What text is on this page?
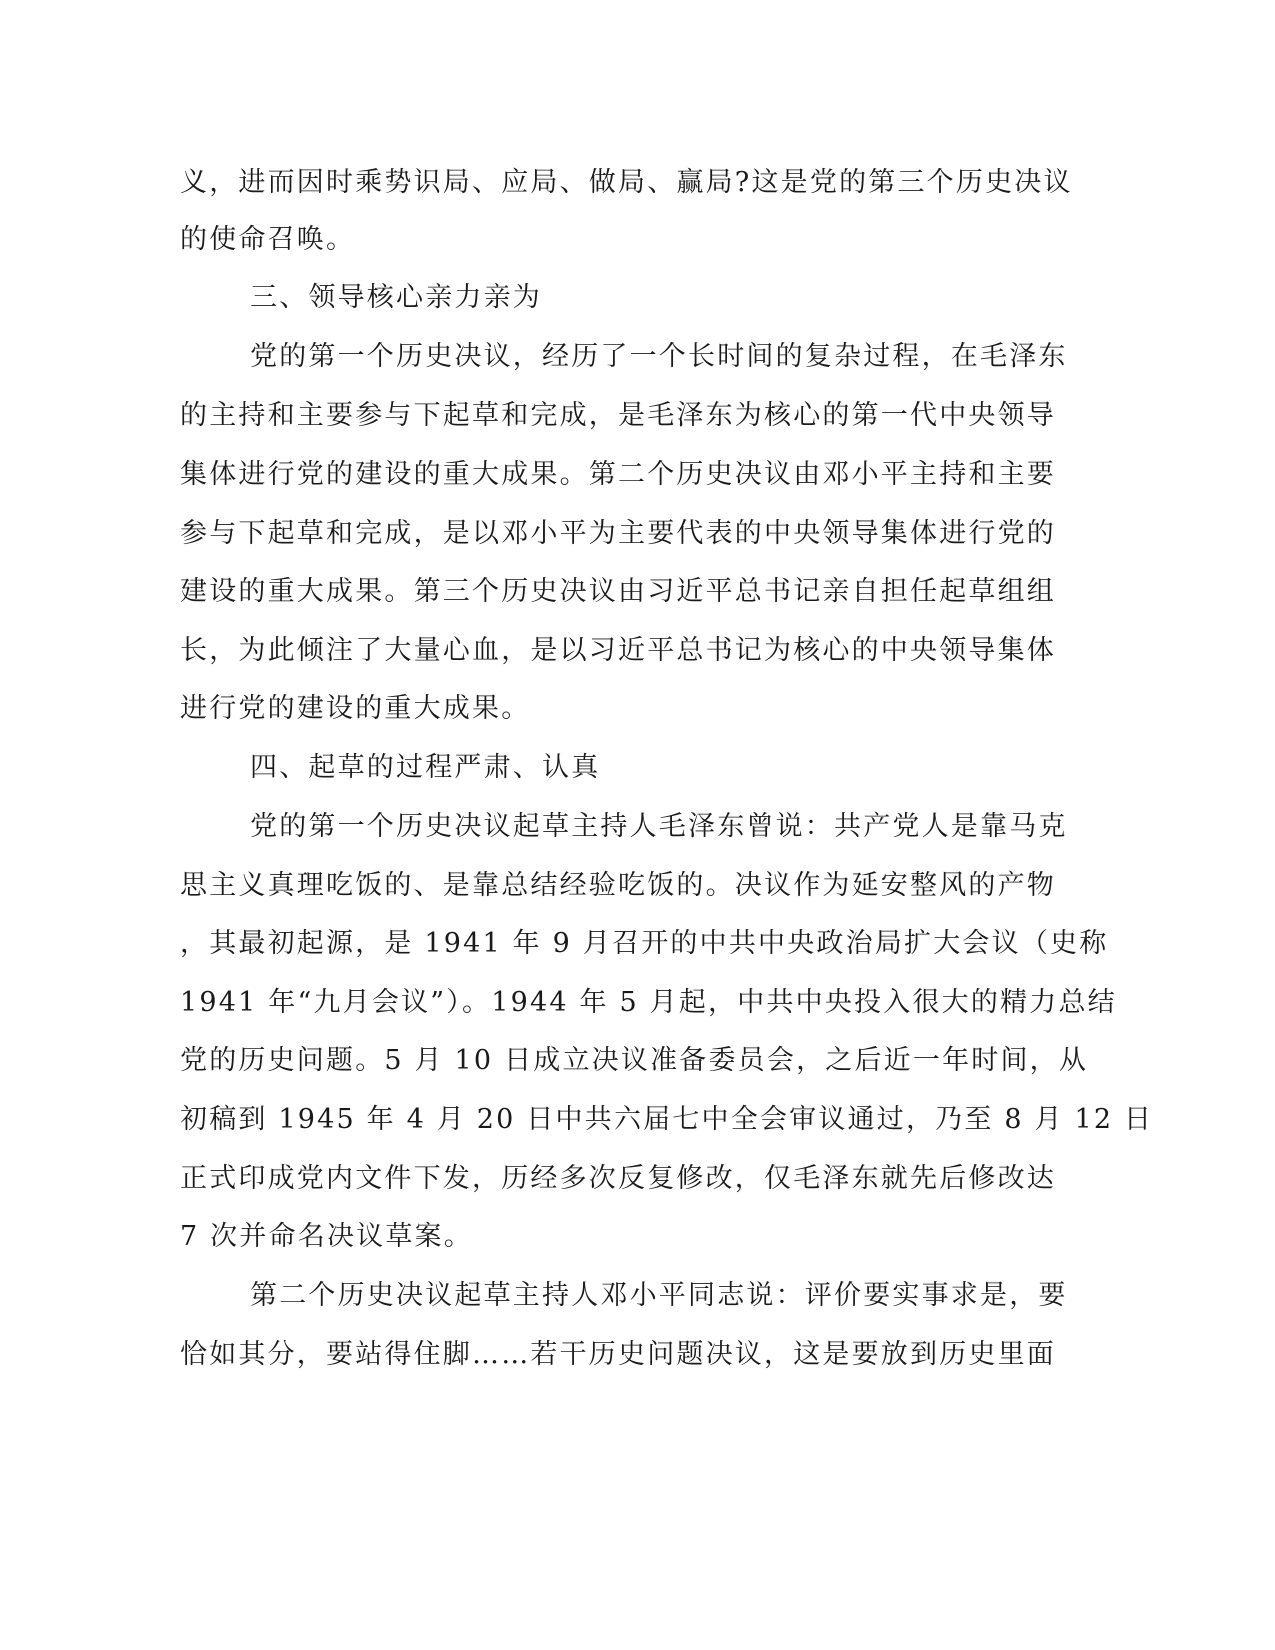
义，进而因时乘势识局、应局、做局、赢局?这是党的第三个历史决议
的使命召唤。
三、领导核心亲力亲为
党的第一个历史决议，经历了一个长时间的复杂过程，在毛泽东
的主持和主要参与下起草和完成，是毛泽东为核心的第一代中央领导
集体进行党的建设的重大成果。第二个历史决议由邓小平主持和主要
参与下起草和完成，是以邓小平为主要代表的中央领导集体进行党的
建设的重大成果。第三个历史决议由习近平总书记亲自担任起草组组
长，为此倾注了大量心血，是以习近平总书记为核心的中央领导集体
进行党的建设的重大成果。
四、起草的过程严肃、认真
党的第一个历史决议起草主持人毛泽东曾说：共产党人是靠马克
思主义真理吃饭的、是靠总结经验吃饭的。决议作为延安整风的产物
，其最初起源，是 1941 年 9 月召开的中共中央政治局扩大会议（史称
1941 年“九月会议”）。1944 年 5 月起，中共中央投入很大的精力总结
党的历史问题。5 月 10 日成立决议准备委员会，之后近一年时间，从
初稿到 1945 年 4 月 20 日中共六届七中全会审议通过，乃至 8 月 12 日
正式印成党内文件下发，历经多次反复修改，仅毛泽东就先后修改达
7 次并命名决议草案。
第二个历史决议起草主持人邓小平同志说：评价要实事求是，要
恰如其分，要站得住脚……若干历史问题决议，这是要放到历史里面
